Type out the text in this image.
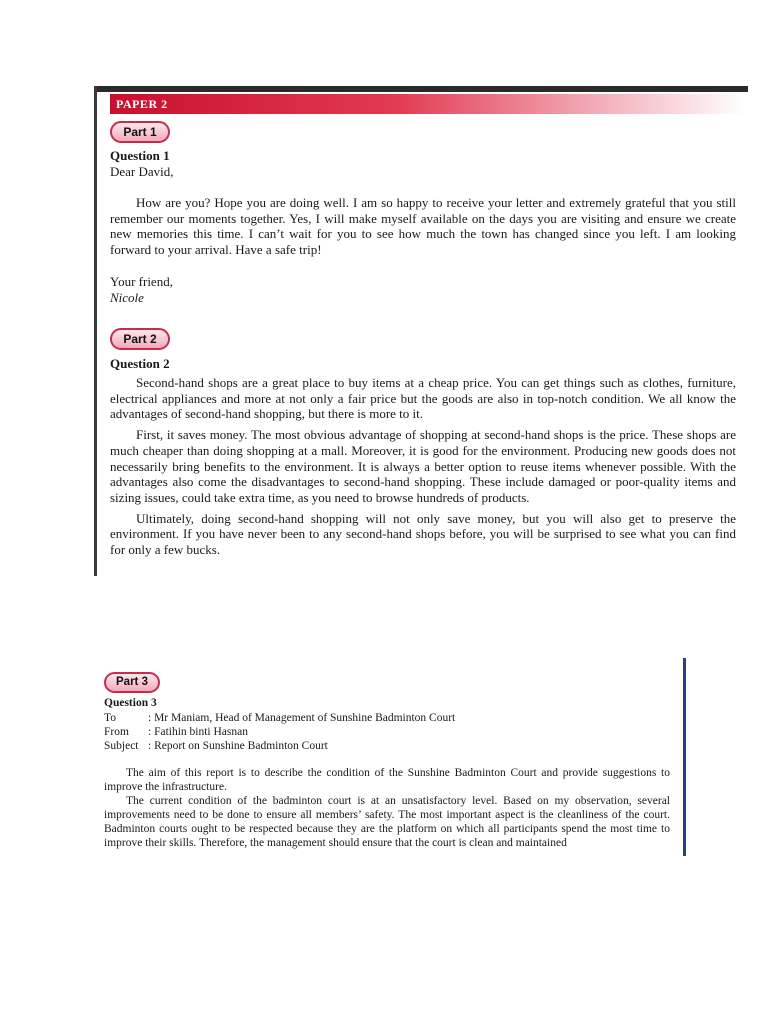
PAPER 2
Part 1
Question 1
Dear David,

How are you? Hope you are doing well. I am so happy to receive your letter and extremely grateful that you still remember our moments together. Yes, I will make myself available on the days you are visiting and ensure we create new memories this time. I can’t wait for you to see how much the town has changed since you left. I am looking forward to your arrival. Have a safe trip!

Your friend,
Nicole
Part 2
Question 2

Second-hand shops are a great place to buy items at a cheap price. You can get things such as clothes, furniture, electrical appliances and more at not only a fair price but the goods are also in top-notch condition. We all know the advantages of second-hand shopping, but there is more to it.

First, it saves money. The most obvious advantage of shopping at second-hand shops is the price. These shops are much cheaper than doing shopping at a mall. Moreover, it is good for the environment. Producing new goods does not necessarily bring benefits to the environment. It is always a better option to reuse items whenever possible. With the advantages also come the disadvantages to second-hand shopping. These include damaged or poor-quality items and sizing issues, could take extra time, as you need to browse hundreds of products.

Ultimately, doing second-hand shopping will not only save money, but you will also get to preserve the environment. If you have never been to any second-hand shops before, you will be surprised to see what you can find for only a few bucks.

Part 3
Question 3
To	: Mr Maniam, Head of Management of Sunshine Badminton Court
From : Fatihin binti Hasnan
Subject : Report on Sunshine Badminton Court

The aim of this report is to describe the condition of the Sunshine Badminton Court and provide suggestions to improve the infrastructure.

The current condition of the badminton court is at an unsatisfactory level. Based on my observation, several improvements need to be done to ensure all members’ safety. The most important aspect is the cleanliness of the court. Badminton courts ought to be respected because they are the platform on which all participants spend the most time to improve their skills. Therefore, the management should ensure that the court is clean and maintained
